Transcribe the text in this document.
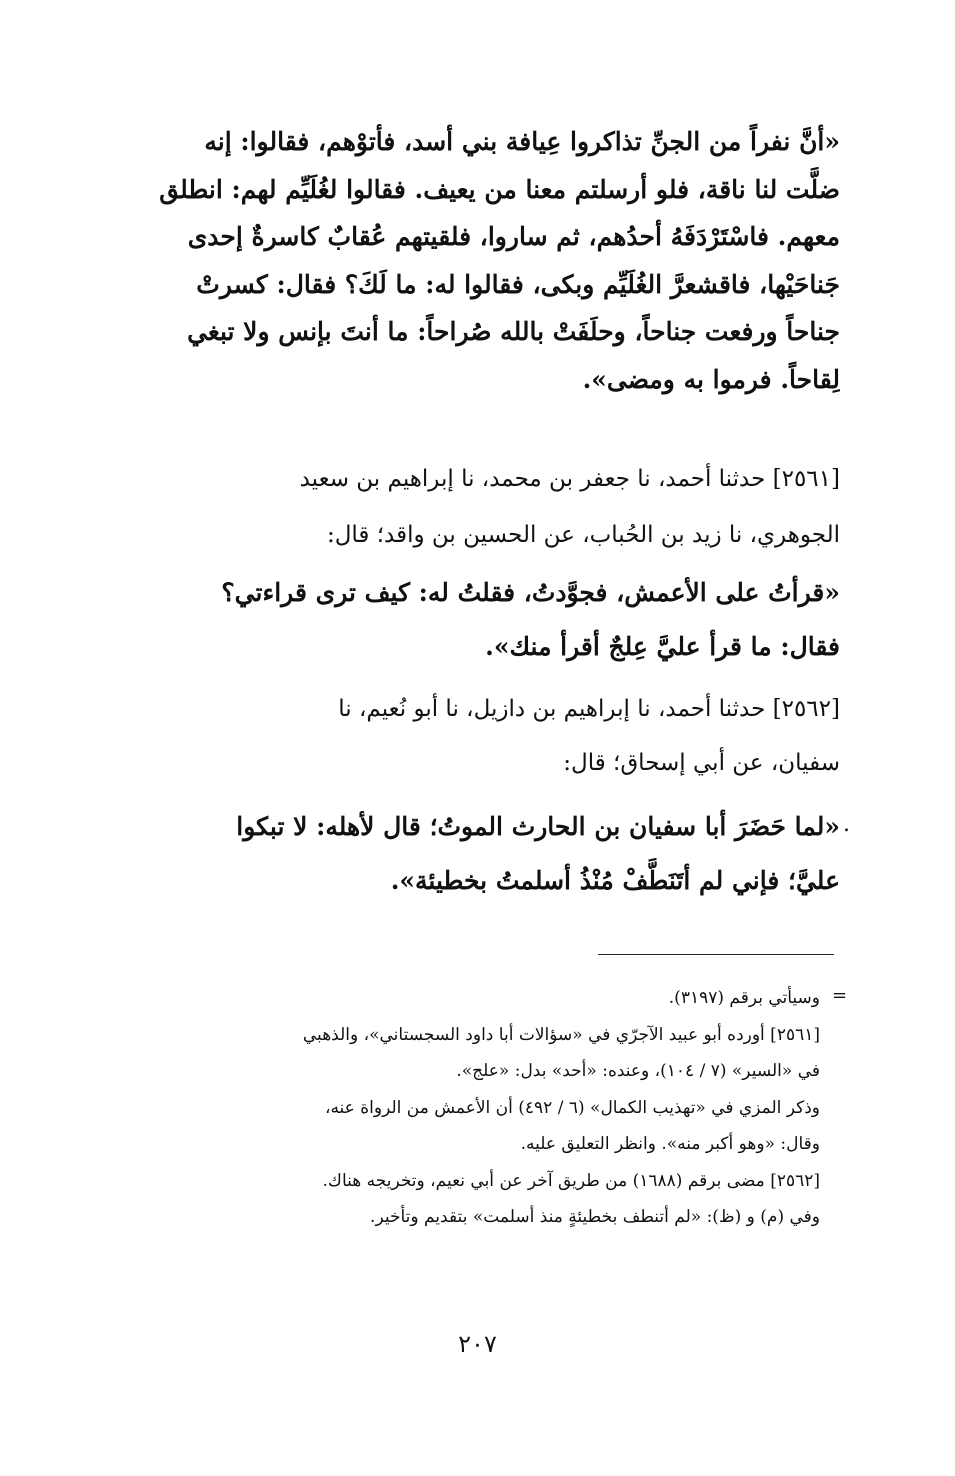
«أنَّ نفراً من الجنِّ تذاكروا عِيافة بني أسد، فأتوْهم، فقالوا: إنه
ضلَّت لنا ناقة، فلو أرسلتم معنا من يعيف. فقالوا لغُلَيِّم لهم: انطلق
معهم. فاسْتَرْدَفَهُ أحدُهم، ثم ساروا، فلقيتهم عُقابٌ كاسرةٌ إحدى
جَناحَيْها، فاقشعرَّ الغُلَيِّم وبكى، فقالوا له: ما لَكَ؟ فقال: كسرتْ
جناحاً ورفعت جناحاً، وحلَفَتْ بالله صُراحاً: ما أنتَ بإنس ولا تبغي
لِقاحاً. فرموا به ومضى».
[٢٥٦١] حدثنا أحمد، نا جعفر بن محمد، نا إبراهيم بن سعيد
الجوهري، نا زيد بن الحُباب، عن الحسين بن واقد؛ قال:
«قرأتُ على الأعمش، فجوَّدتُ، فقلتُ له: كيف ترى قراءتي؟
فقال: ما قرأ عليَّ عِلجٌ أقرأ منك».
[٢٥٦٢] حدثنا أحمد، نا إبراهيم بن دازيل، نا أبو نُعيم، نا
سفيان، عن أبي إسحاق؛ قال:
.
«لما حَضَرَ أبا سفيان بن الحارث الموتُ؛ قال لأهله: لا تبكوا
عليَّ؛ فإني لم أتَنَطَّفْ مُنْذُ أسلمتُ بخطيئة».
=
وسيأتي برقم (٣١٩٧).
[٢٥٦١] أورده أبو عبيد الآجرّي في «سؤالات أبا داود السجستاني»، والذهبي
في «السير» (٧ / ١٠٤)، وعنده: «أحد» بدل: «علج».
وذكر المزي في «تهذيب الكمال» (٦ / ٤٩٢) أن الأعمش من الرواة عنه،
وقال: «وهو أكبر منه». وانظر التعليق عليه.
[٢٥٦٢] مضى برقم (١٦٨٨) من طريق آخر عن أبي نعيم، وتخريجه هناك.
وفي (م) و (ظ): «لم أتنطف بخطيئةٍ منذ أسلمت» بتقديم وتأخير.
٢٠٧
